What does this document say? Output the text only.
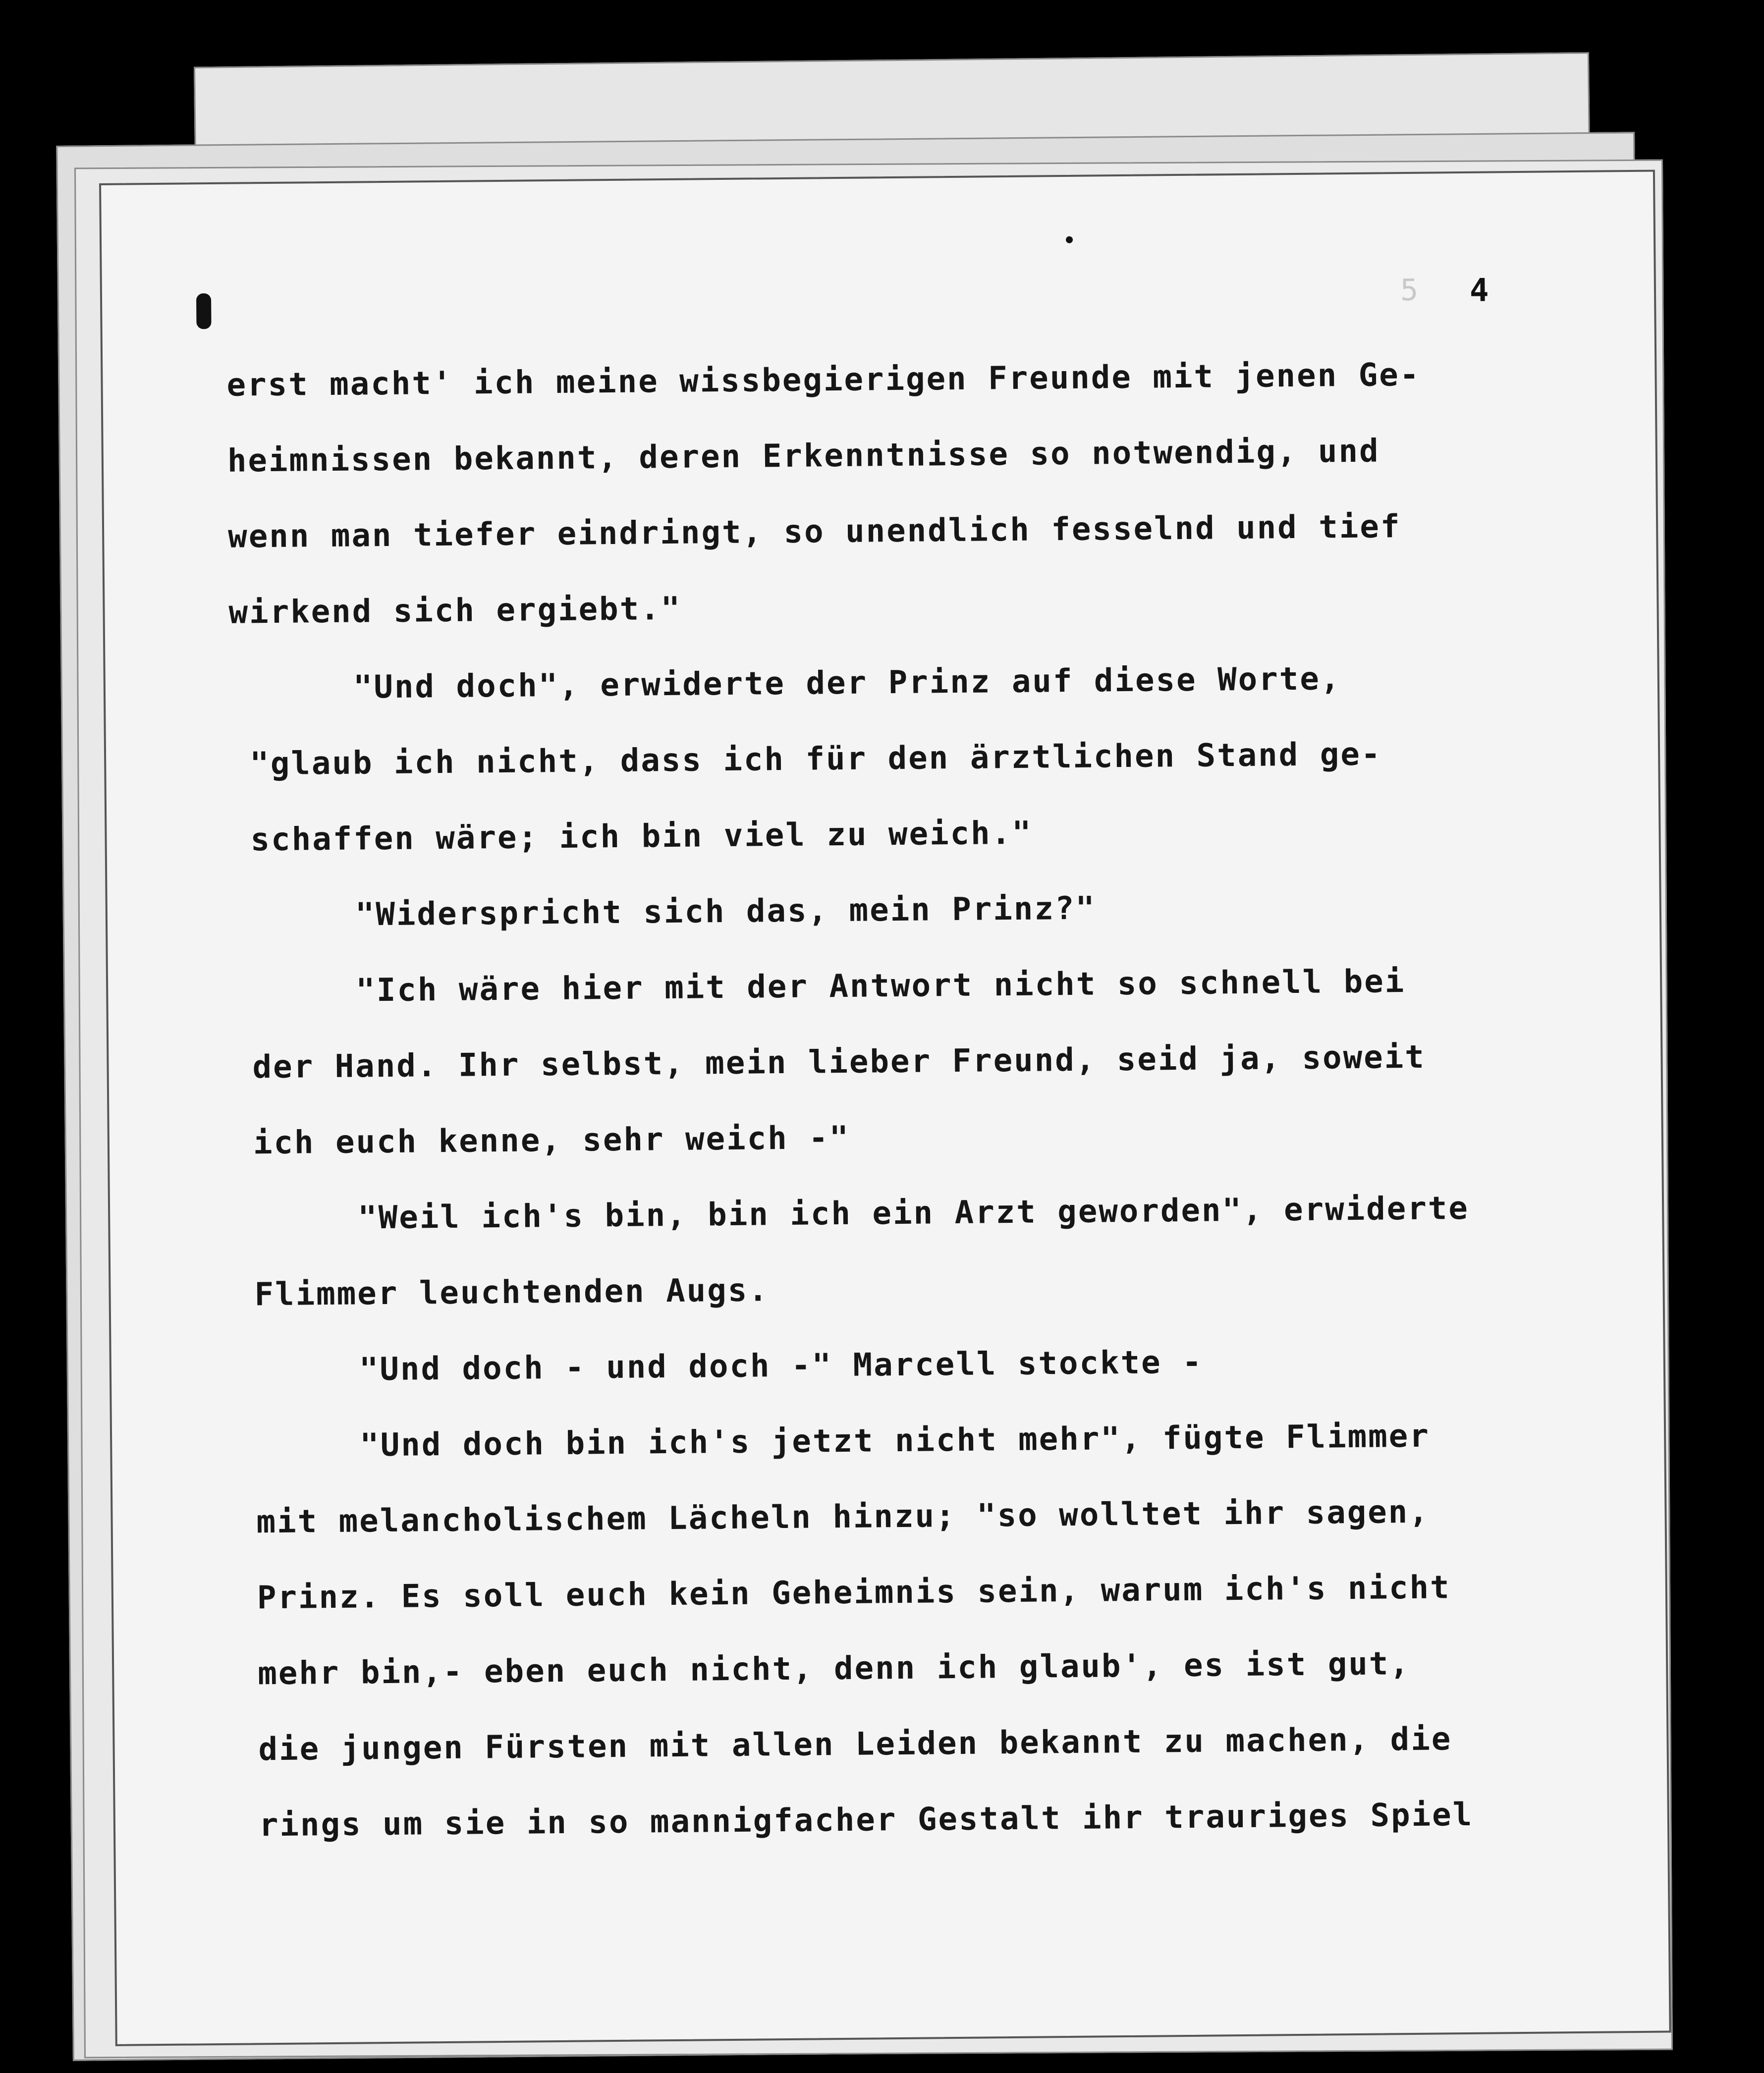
5 4
erst macht' ich meine wissbegierigen Freunde mit jenen Ge-
heimnissen bekannt, deren Erkenntnisse so notwendig, und
wenn man tiefer eindringt, so unendlich fesselnd und tief
wirkend sich ergiebt."
"Und doch", erwiderte der Prinz auf diese Worte,
"glaub ich nicht, dass ich für den ärztlichen Stand ge-
schaffen wäre; ich bin viel zu weich."
"Widerspricht sich das, mein Prinz?"
"Ich wäre hier mit der Antwort nicht so schnell bei
der Hand. Ihr selbst, mein lieber Freund, seid ja, soweit
ich euch kenne, sehr weich -"
"Weil ich's bin, bin ich ein Arzt geworden", erwiderte
Flimmer leuchtenden Augs.
"Und doch - und doch -" Marcell stockte -
"Und doch bin ich's jetzt nicht mehr", fügte Flimmer
mit melancholischem Lächeln hinzu; "so wolltet ihr sagen,
Prinz. Es soll euch kein Geheimnis sein, warum ich's nicht
mehr bin,- eben euch nicht, denn ich glaub', es ist gut,
die jungen Fürsten mit allen Leiden bekannt zu machen, die
rings um sie in so mannigfacher Gestalt ihr trauriges Spiel
